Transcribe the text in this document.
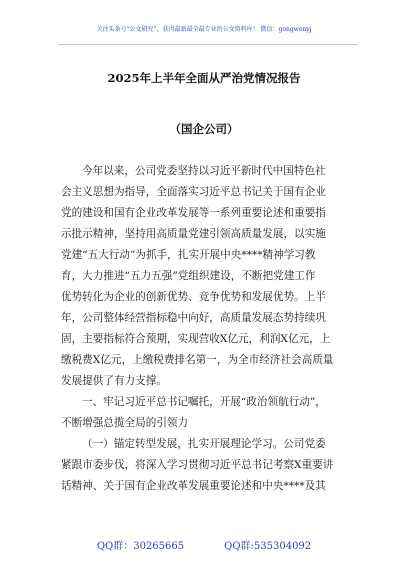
关注头条号“公文研究”，获得最新最全最专业的公文资料库！ 微信：gongwenyj
2025年上半年全面从严治党情况报告
（国企公司）
今年以来，公司党委坚持以习近平新时代中国特色社
会主义思想为指导，全面落实习近平总书记关于国有企业
党的建设和国有企业改革发展等一系列重要论述和重要指
示批示精神，坚持用高质量党建引领高质量发展，以实施
党建“五大行动”为抓手，扎实开展中央****精神学习教
育，大力推进“五力五强”党组织建设，不断把党建工作
优势转化为企业的创新优势、竞争优势和发展优势。上半
年，公司整体经营指标稳中向好，高质量发展态势持续巩
固，主要指标符合预期，实现营收X亿元，利润X亿元，上
缴税费X亿元，上缴税费排名第一，为全市经济社会高质量
发展提供了有力支撑。
一、牢记习近平总书记嘱托，开展“政治领航行动”，
不断增强总揽全局的引领力
（一）锚定转型发展，扎实开展理论学习。公司党委
紧跟市委步伐，将深入学习贯彻习近平总书记考察X重要讲
话精神、关于国有企业改革发展重要论述和中央****及其
QQ群：30265665	QQ群:535304092
